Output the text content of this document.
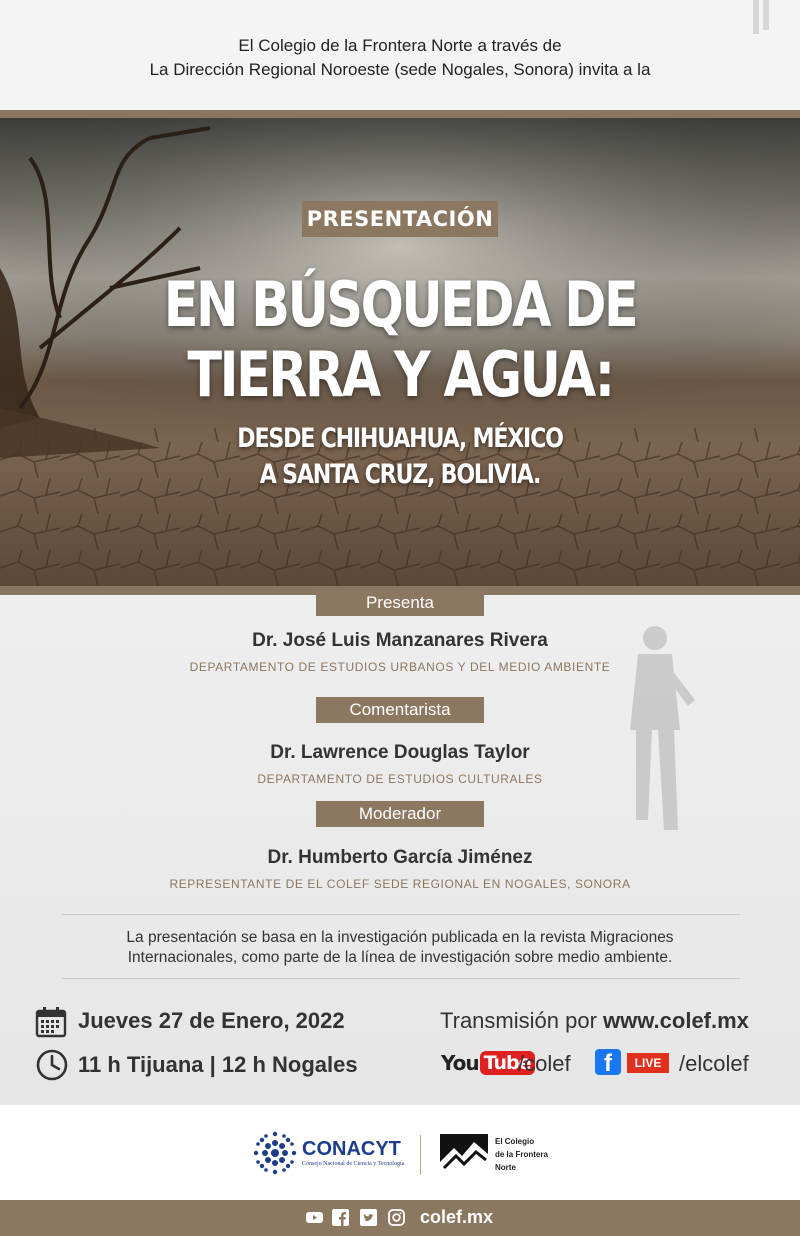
El Colegio de la Frontera Norte a través de
La Dirección Regional Noroeste (sede Nogales, Sonora) invita a la
PRESENTACIÓN
EN BÚSQUEDA DE
TIERRA Y AGUA:
DESDE CHIHUAHUA, MÉXICO
A SANTA CRUZ, BOLIVIA.
Presenta
Dr. José Luis Manzanares Rivera
DEPARTAMENTO DE ESTUDIOS URBANOS Y DEL MEDIO AMBIENTE
Comentarista
Dr. Lawrence Douglas Taylor
DEPARTAMENTO DE ESTUDIOS CULTURALES
Moderador
Dr. Humberto García Jiménez
REPRESENTANTE DE EL COLEF SEDE REGIONAL EN NOGALES, SONORA
La presentación se basa en la investigación publicada en la revista Migraciones
Internacionales, como parte de la línea de investigación sobre medio ambiente.
Jueves 27 de Enero, 2022
11 h Tijuana | 12 h Nogales
Transmisión por www.colef.mx
You Tube
/colef	f	LIVE /elcolef
CONACYT
Consejo Nacional de Ciencia y Tecnología
El Colegio
de la Frontera
Norte
colef.mx
